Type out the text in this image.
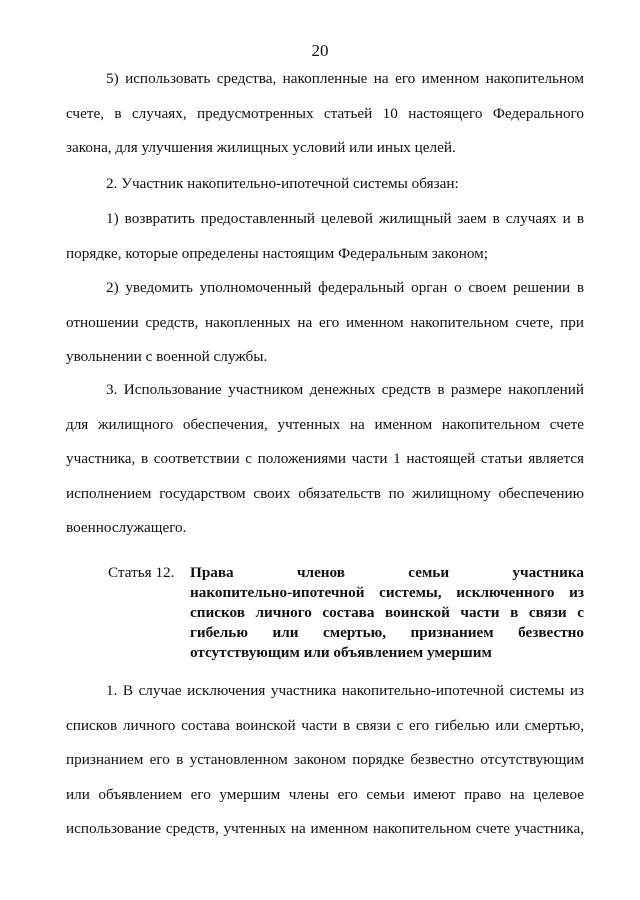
20
5) использовать средства, накопленные на его именном накопительном
счете, в случаях, предусмотренных статьей 10 настоящего Федерального
закона, для улучшения жилищных условий или иных целей.
2. Участник накопительно-ипотечной системы обязан:
1) возвратить предоставленный целевой жилищный заем в случаях и в
порядке, которые определены настоящим Федеральным законом;
2) уведомить уполномоченный федеральный орган о своем решении в
отношении средств, накопленных на его именном накопительном счете, при
увольнении с военной службы.
3. Использование участником денежных средств в размере накоплений
для жилищного обеспечения, учтенных на именном накопительном счете
участника, в соответствии с положениями части 1 настоящей статьи является
исполнением государством своих обязательств по жилищному обеспечению
военнослужащего.
Статья 12.	Права членов семьи участника
накопительно-ипотечной системы, исключенного из
списков личного состава воинской части в связи с
гибелью или смертью, признанием безвестно
отсутствующим или объявлением умершим
1. В случае исключения участника накопительно-ипотечной системы из
списков личного состава воинской части в связи с его гибелью или смертью,
признанием его в установленном законом порядке безвестно отсутствующим
или объявлением его умершим члены его семьи имеют право на целевое
использование средств, учтенных на именном накопительном счете участника,
